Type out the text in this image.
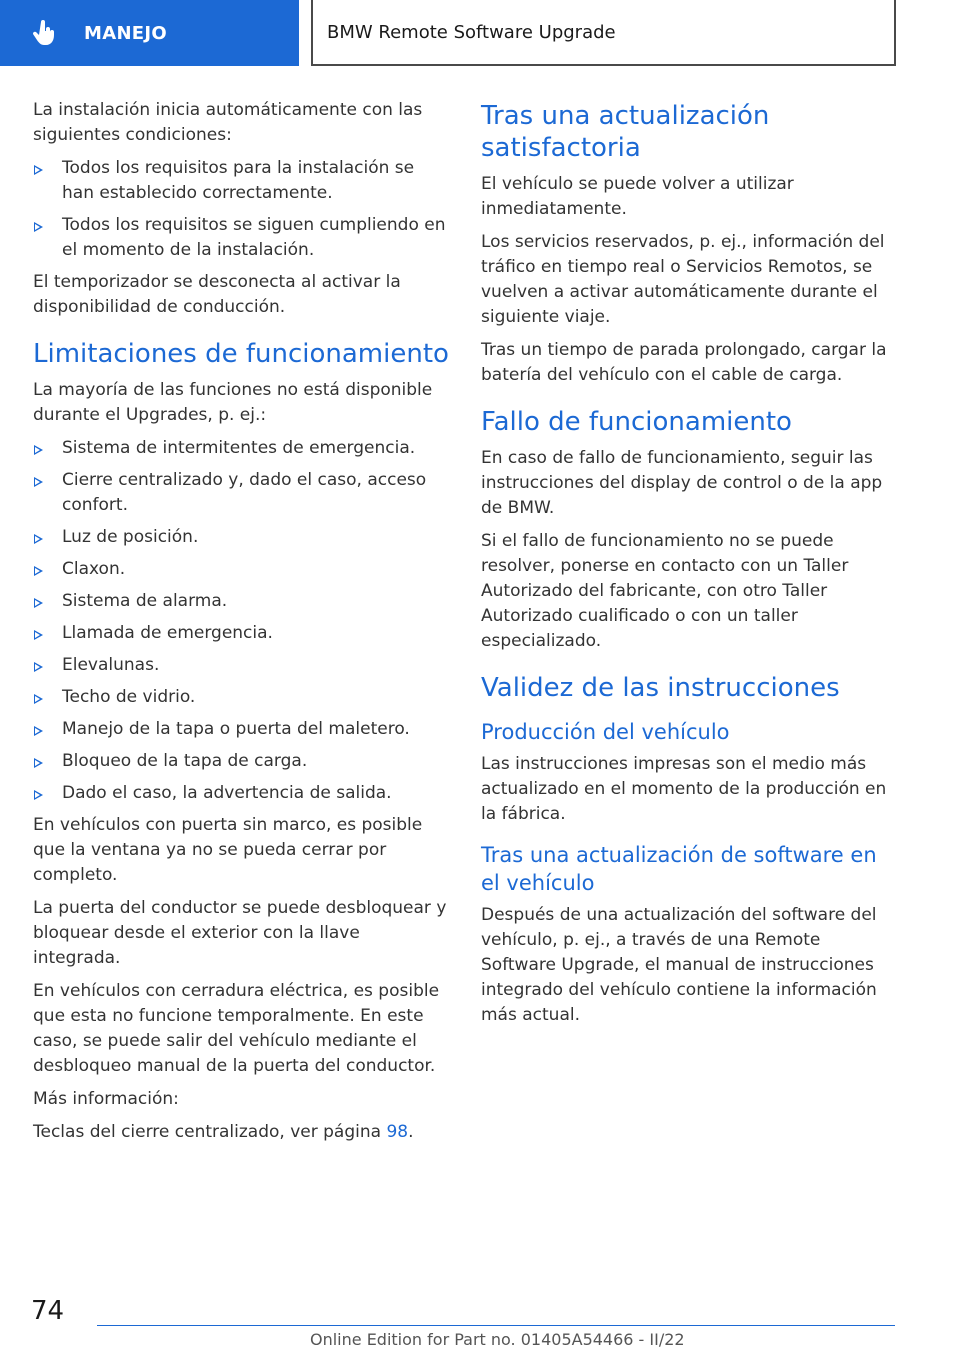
MANEJO	BMW Remote Software Upgrade

La instalación inicia automáticamente con las siguientes condiciones:

Todos los requisitos para la instalación se han establecido correctamente.
Todos los requisitos se siguen cumpliendo en el momento de la instalación.

El temporizador se desconecta al activar la disponibilidad de conducción.

Limitaciones de funcionamiento

La mayoría de las funciones no está disponible durante el Upgrades, p. ej.:

Sistema de intermitentes de emergencia.
Cierre centralizado y, dado el caso, acceso confort.
Luz de posición.
Claxon.
Sistema de alarma.
Llamada de emergencia.
Elevalunas.
Techo de vidrio.
Manejo de la tapa o puerta del maletero.
Bloqueo de la tapa de carga.
Dado el caso, la advertencia de salida.

En vehículos con puerta sin marco, es posible que la ventana ya no se pueda cerrar por completo.

La puerta del conductor se puede desbloquear y bloquear desde el exterior con la llave integrada.

En vehículos con cerradura eléctrica, es posible que esta no funcione temporalmente. En este caso, se puede salir del vehículo mediante el desbloqueo manual de la puerta del conductor.

Más información:

Teclas del cierre centralizado, ver página 98.

Tras una actualización satisfactoria

El vehículo se puede volver a utilizar inmediatamente.

Los servicios reservados, p. ej., información del tráfico en tiempo real o Servicios Remotos, se vuelven a activar automáticamente durante el siguiente viaje.

Tras un tiempo de parada prolongado, cargar la batería del vehículo con el cable de carga.

Fallo de funcionamiento

En caso de fallo de funcionamiento, seguir las instrucciones del display de control o de la app de BMW.

Si el fallo de funcionamiento no se puede resolver, ponerse en contacto con un Taller Autorizado del fabricante, con otro Taller Autorizado cualificado o con un taller especializado.

Validez de las instrucciones
Producción del vehículo

Las instrucciones impresas son el medio más actualizado en el momento de la producción en la fábrica.

Tras una actualización de software en el vehículo

Después de una actualización del software del vehículo, p. ej., a través de una Remote Software Upgrade, el manual de instrucciones integrado del vehículo contiene la información más actual.

74
Online Edition for Part no. 01405A54466 - II/22
